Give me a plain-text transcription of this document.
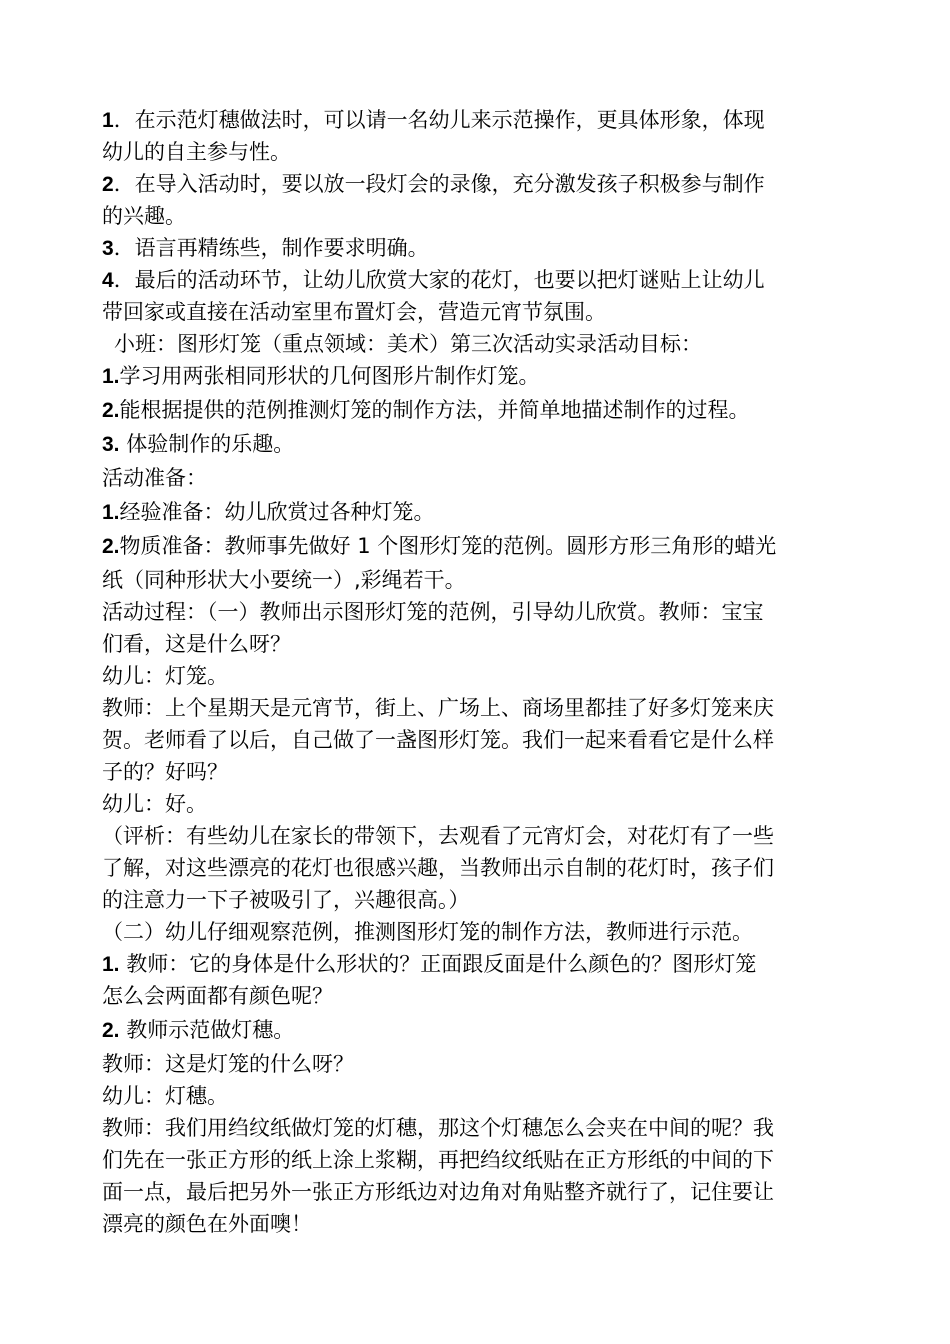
1．在示范灯穗做法时，可以请一名幼儿来示范操作，更具体形象，体现
幼儿的自主参与性。
2．在导入活动时，要以放一段灯会的录像，充分激发孩子积极参与制作
的兴趣。
3．语言再精练些，制作要求明确。
4．最后的活动环节，让幼儿欣赏大家的花灯，也要以把灯谜贴上让幼儿
带回家或直接在活动室里布置灯会，营造元宵节氛围。
小班：图形灯笼（重点领域：美术）第三次活动实录活动目标：
1.学习用两张相同形状的几何图形片制作灯笼。
2.能根据提供的范例推测灯笼的制作方法，并简单地描述制作的过程。
3. 体验制作的乐趣。
活动准备：
1.经验准备：幼儿欣赏过各种灯笼。
2.物质准备：教师事先做好 1 个图形灯笼的范例。圆形方形三角形的蜡光
纸（同种形状大小要统一）,彩绳若干。
活动过程：（一）教师出示图形灯笼的范例，引导幼儿欣赏。教师：宝宝
们看，这是什么呀？
幼儿：灯笼。
教师：上个星期天是元宵节，街上、广场上、商场里都挂了好多灯笼来庆
贺。老师看了以后，自己做了一盏图形灯笼。我们一起来看看它是什么样
子的？好吗？
幼儿：好。
（评析：有些幼儿在家长的带领下，去观看了元宵灯会，对花灯有了一些
了解，对这些漂亮的花灯也很感兴趣，当教师出示自制的花灯时，孩子们
的注意力一下子被吸引了，兴趣很高。）
（二）幼儿仔细观察范例，推测图形灯笼的制作方法，教师进行示范。
1. 教师：它的身体是什么形状的？正面跟反面是什么颜色的？图形灯笼
怎么会两面都有颜色呢？
2. 教师示范做灯穗。
教师：这是灯笼的什么呀？
幼儿：灯穗。
教师：我们用绉纹纸做灯笼的灯穗，那这个灯穗怎么会夹在中间的呢？我
们先在一张正方形的纸上涂上浆糊，再把绉纹纸贴在正方形纸的中间的下
面一点，最后把另外一张正方形纸边对边角对角贴整齐就行了，记住要让
漂亮的颜色在外面噢！
